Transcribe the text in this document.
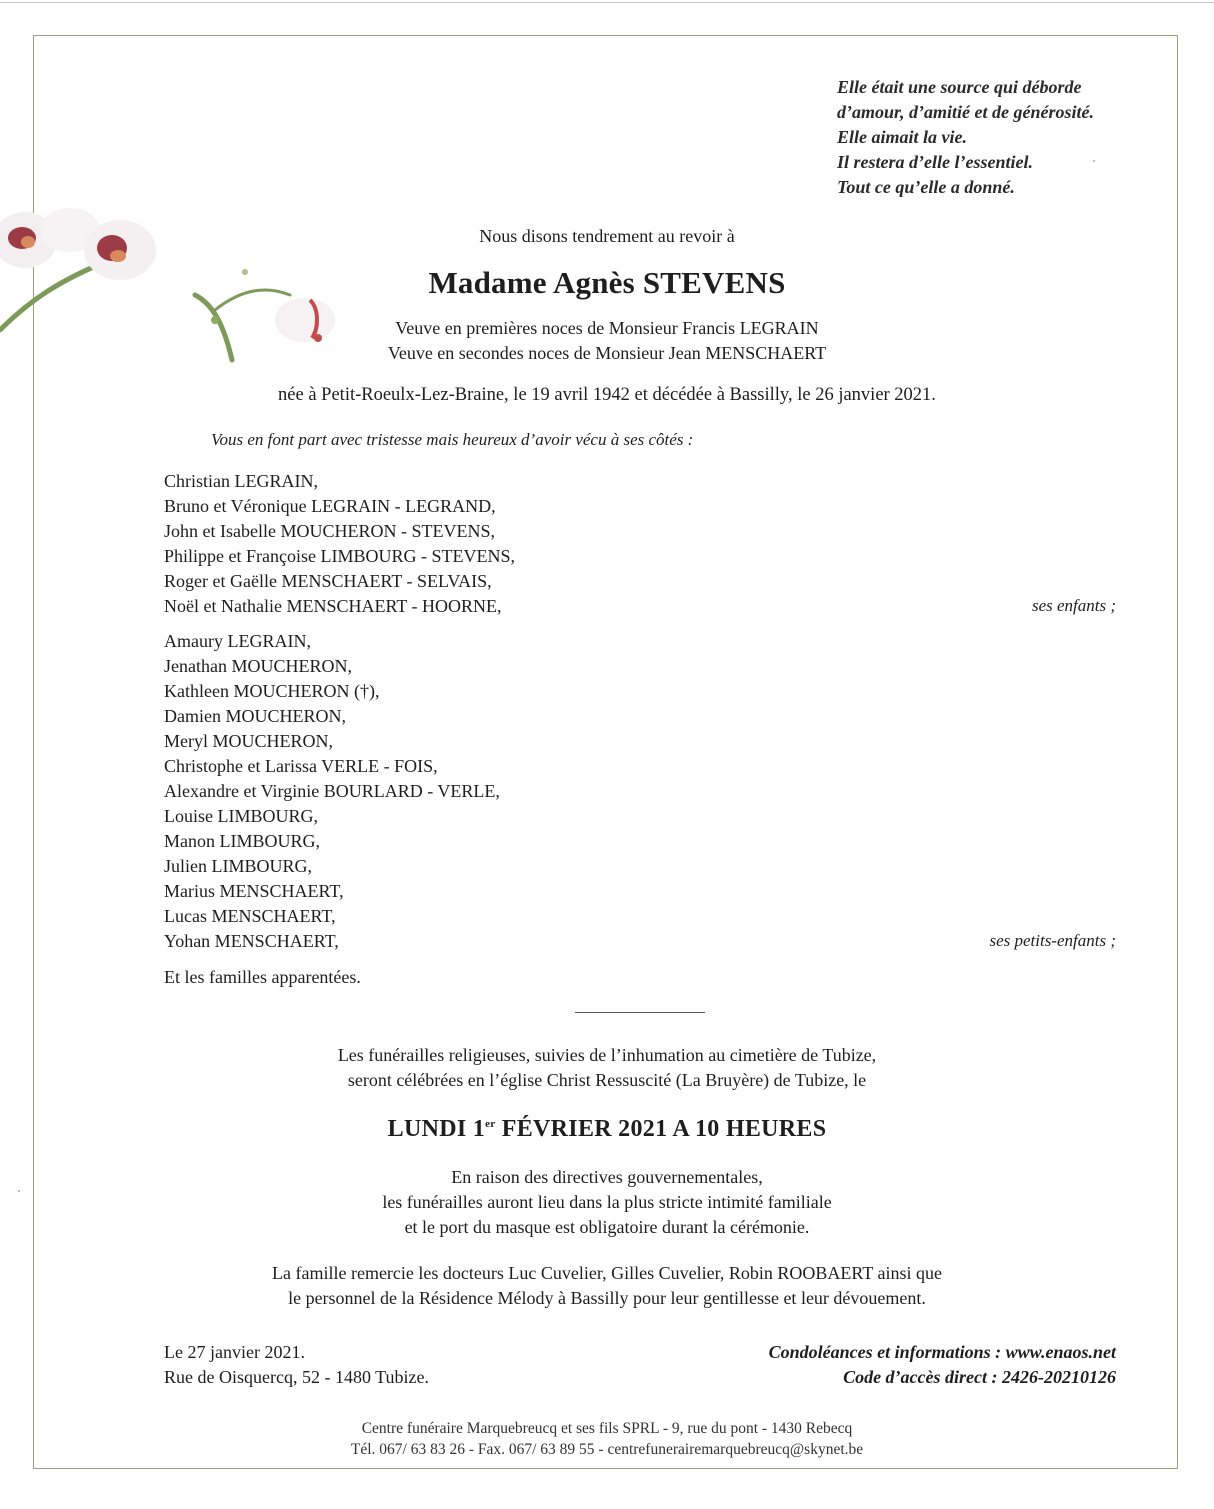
Elle était une source qui déborde
d’amour, d’amitié et de générosité.
Elle aimait la vie.
Il restera d’elle l’essentiel.
Tout ce qu’elle a donné.
Nous disons tendrement au revoir à
Madame Agnès STEVENS
Veuve en premières noces de Monsieur Francis LEGRAIN
Veuve en secondes noces de Monsieur Jean MENSCHAERT
née à Petit-Roeulx-Lez-Braine, le 19 avril 1942 et décédée à Bassilly, le 26 janvier 2021.
Vous en font part avec tristesse mais heureux d’avoir vécu à ses côtés :
Christian LEGRAIN,
Bruno et Véronique LEGRAIN - LEGRAND,
John et Isabelle MOUCHERON - STEVENS,
Philippe et Françoise LIMBOURG - STEVENS,
Roger et Gaëlle MENSCHAERT - SELVAIS,
Noël et Nathalie MENSCHAERT - HOORNE,	ses enfants ;
Amaury LEGRAIN,
Jenathan MOUCHERON,
Kathleen MOUCHERON (†),
Damien MOUCHERON,
Meryl MOUCHERON,
Christophe et Larissa VERLE - FOIS,
Alexandre et Virginie BOURLARD - VERLE,
Louise LIMBOURG,
Manon LIMBOURG,
Julien LIMBOURG,
Marius MENSCHAERT,
Lucas MENSCHAERT,
Yohan MENSCHAERT,	ses petits-enfants ;
Et les familles apparentées.
Les funérailles religieuses, suivies de l’inhumation au cimetière de Tubize,
seront célébrées en l’église Christ Ressuscité (La Bruyère) de Tubize, le
LUNDI 1er FÉVRIER 2021 A 10 HEURES
En raison des directives gouvernementales,
les funérailles auront lieu dans la plus stricte intimité familiale
et le port du masque est obligatoire durant la cérémonie.
La famille remercie les docteurs Luc Cuvelier, Gilles Cuvelier, Robin ROOBAERT ainsi que
le personnel de la Résidence Mélody à Bassilly pour leur gentillesse et leur dévouement.
Le 27 janvier 2021.
Rue de Oisquercq, 52 - 1480 Tubize.
Condoléances et informations : www.enaos.net
Code d’accès direct : 2426-20210126
Centre funéraire Marquebreucq et ses fils SPRL - 9, rue du pont - 1430 Rebecq
Tél. 067/ 63 83 26 - Fax. 067/ 63 89 55 - centrefunerairemarquebreucq@skynet.be
